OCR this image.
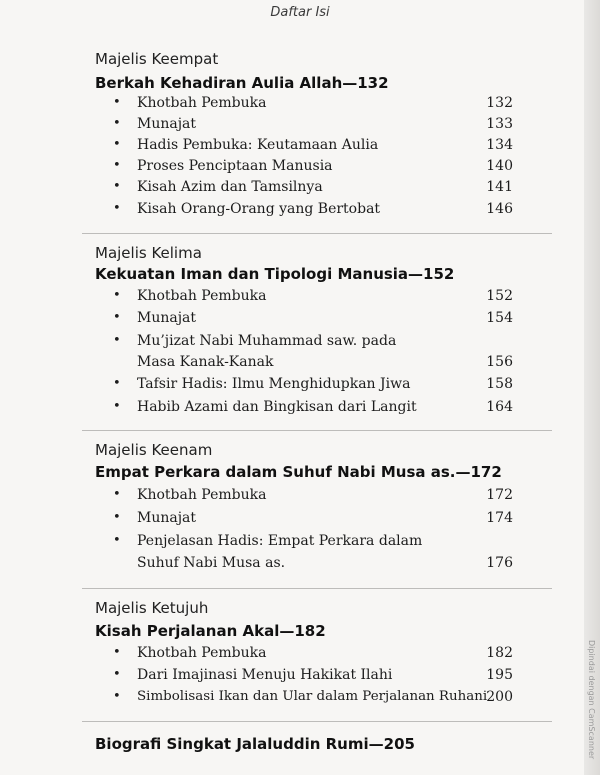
Daftar Isi
Majelis Keempat
Berkah Kehadiran Aulia Allah—132
• Khotbah Pembuka	132
• Munajat	133
• Hadis Pembuka: Keutamaan Aulia	134
• Proses Penciptaan Manusia	140
• Kisah Azim dan Tamsilnya	141
• Kisah Orang-Orang yang Bertobat	146
Majelis Kelima
Kekuatan Iman dan Tipologi Manusia—152
• Khotbah Pembuka	152
• Munajat	154
• Mu’jizat Nabi Muhammad saw. pada
Masa Kanak-Kanak	156
• Tafsir Hadis: Ilmu Menghidupkan Jiwa	158
• Habib Azami dan Bingkisan dari Langit	164
Majelis Keenam
Empat Perkara dalam Suhuf Nabi Musa as.—172
• Khotbah Pembuka	172
• Munajat	174
• Penjelasan Hadis: Empat Perkara dalam
Suhuf Nabi Musa as.	176
Majelis Ketujuh
Kisah Perjalanan Akal—182
• Khotbah Pembuka	182
• Dari Imajinasi Menuju Hakikat Ilahi	195
• Simbolisasi Ikan dan Ular dalam Perjalanan Ruhani 200
Biografi Singkat Jalaluddin Rumi—205	Dipindai dengan CamScanner
